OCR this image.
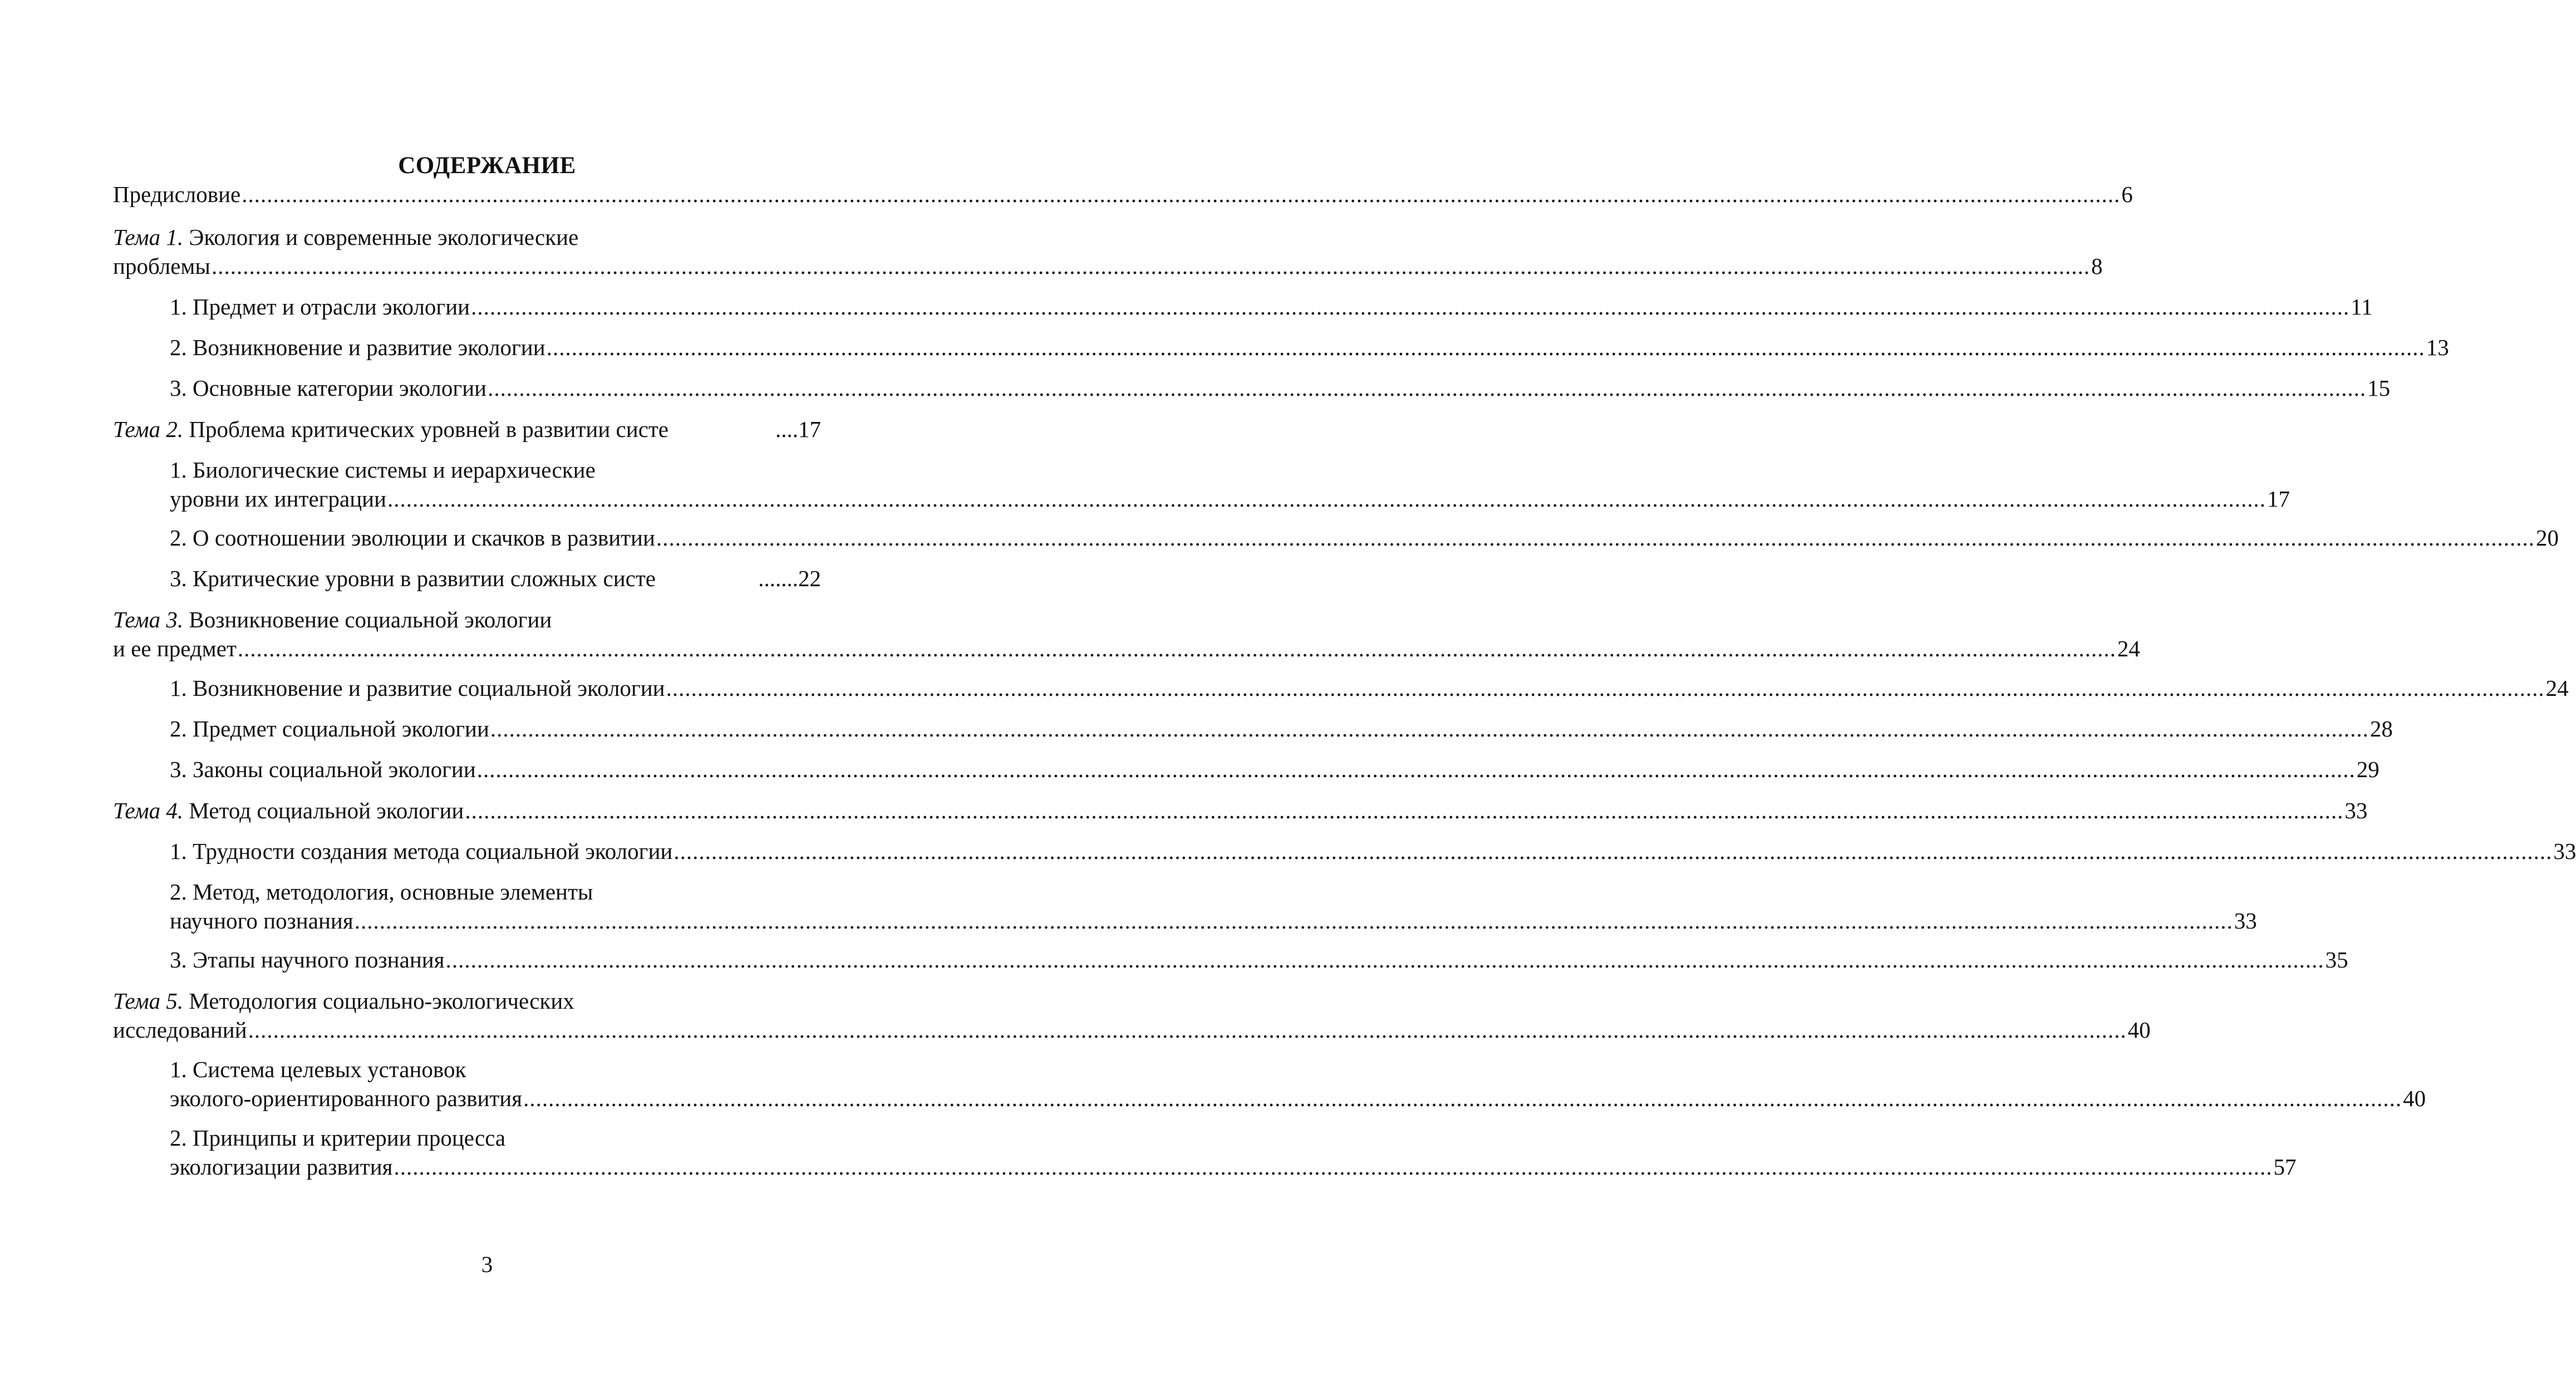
СОДЕРЖАНИЕ
Предисловие ............................................................................................................................................................................................................................................................................................................ 6
Тема 1. Экология и современные экологические
проблемы ............................................................................................................................................................................................................................................................................................................ 8
1. Предмет и отрасли экологии ............................................................................................................................................................................................................................................................................................................ 11
2. Возникновение и развитие экологии ............................................................................................................................................................................................................................................................................................................ 13
3. Основные категории экологии ............................................................................................................................................................................................................................................................................................................ 15
Тема 2. Проблема критических уровней в развитии систе	....17
1. Биологические системы и иерархические
уровни их интеграции ............................................................................................................................................................................................................................................................................................................ 17
2. О соотношении эволюции и скачков в развитии ............................................................................................................................................................................................................................................................................................................ 20
3. Критические уровни в развитии сложных систе	.......22
Тема 3. Возникновение социальной экологии
и ее предмет ............................................................................................................................................................................................................................................................................................................ 24
1. Возникновение и развитие социальной экологии ............................................................................................................................................................................................................................................................................................................ 24
2. Предмет социальной экологии ............................................................................................................................................................................................................................................................................................................ 28
3. Законы социальной экологии ............................................................................................................................................................................................................................................................................................................ 29
Тема 4. Метод социальной экологии ............................................................................................................................................................................................................................................................................................................ 33
1. Трудности создания метода социальной экологии ............................................................................................................................................................................................................................................................................................................ 33
2. Метод, методология, основные элементы
научного познания ............................................................................................................................................................................................................................................................................................................ 33
3. Этапы научного познания ............................................................................................................................................................................................................................................................................................................ 35
Тема 5. Методология социально-экологических
исследований ............................................................................................................................................................................................................................................................................................................ 40
1. Система целевых установок
эколого-ориентированного развития ............................................................................................................................................................................................................................................................................................................ 40
2. Принципы и критерии процесса
экологизации развития ............................................................................................................................................................................................................................................................................................................ 57
3
